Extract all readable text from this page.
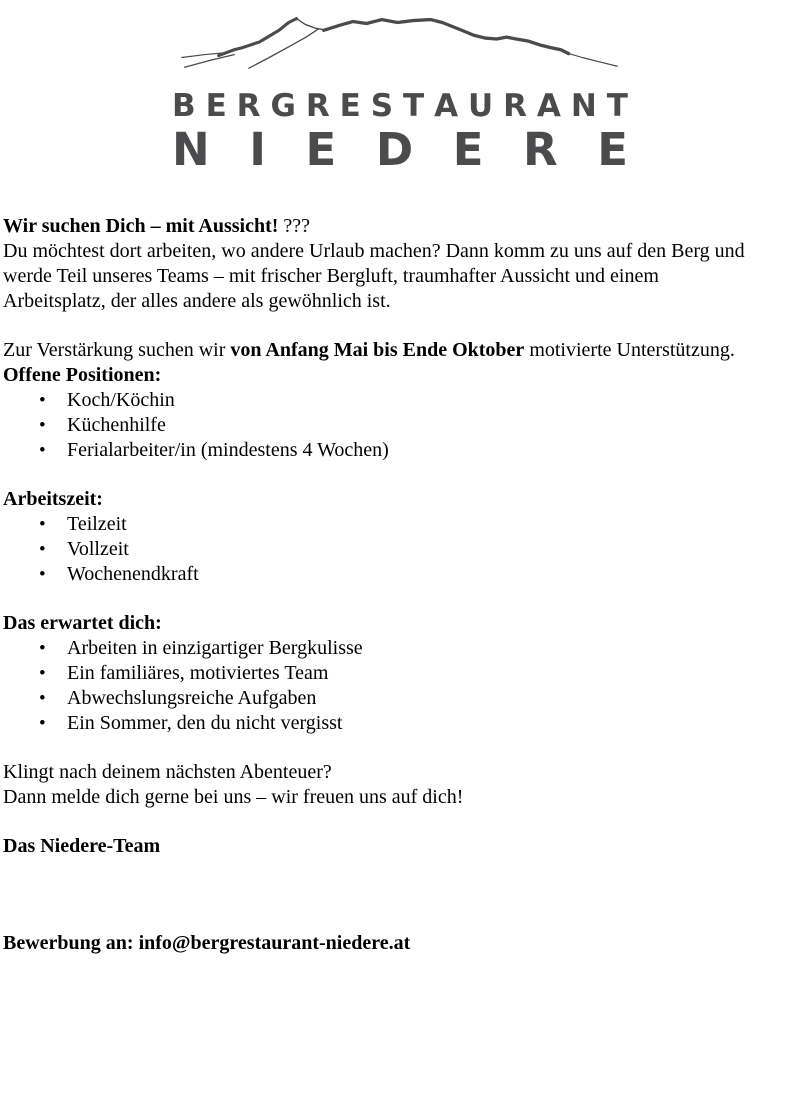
B E R G R E S T A U R A N T
N I E D E R E

Wir suchen Dich – mit Aussicht! ???

Du möchtest dort arbeiten, wo andere Urlaub machen? Dann komm zu uns auf den Berg und

werde Teil unseres Teams – mit frischer Bergluft, traumhafter Aussicht und einem

Arbeitsplatz, der alles andere als gewöhnlich ist.

Zur Verstärkung suchen wir von Anfang Mai bis Ende Oktober motivierte Unterstützung.

Offene Positionen:

•	Koch/Köchin
•	Küchenhilfe
•	Ferialarbeiter/in (mindestens 4 Wochen)

Arbeitszeit:

•	Teilzeit
•	Vollzeit
•	Wochenendkraft

Das erwartet dich:

•	Arbeiten in einzigartiger Bergkulisse
•	Ein familiäres, motiviertes Team
•	Abwechslungsreiche Aufgaben
•	Ein Sommer, den du nicht vergisst

Klingt nach deinem nächsten Abenteuer?

Dann melde dich gerne bei uns – wir freuen uns auf dich!

Das Niedere-Team

Bewerbung an: info@bergrestaurant-niedere.at
